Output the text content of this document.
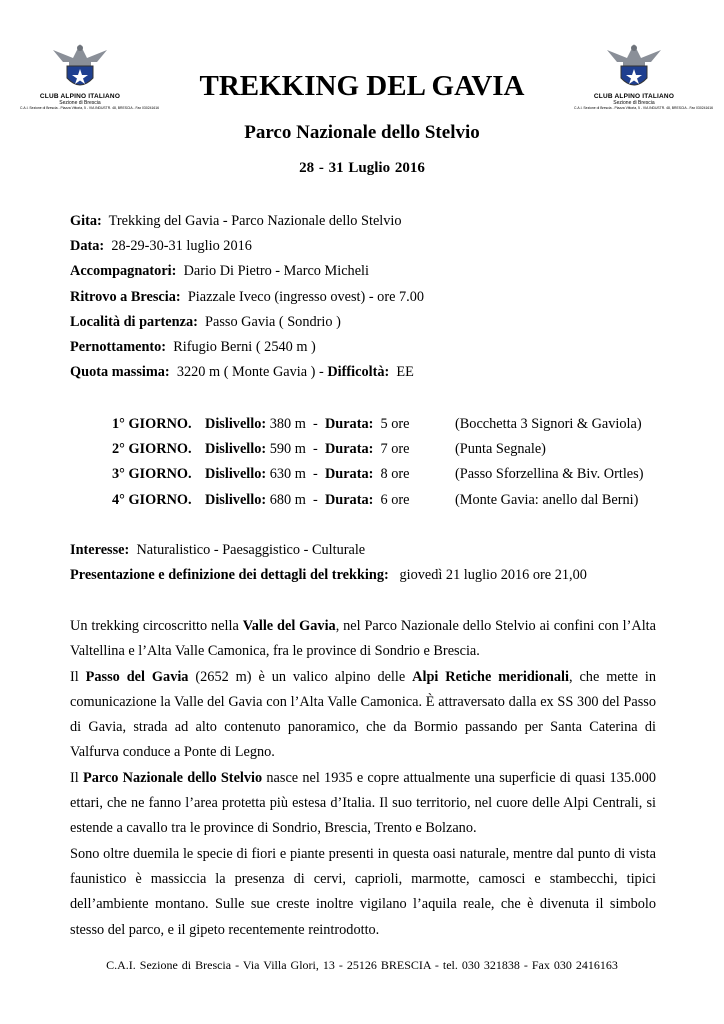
CLUB ALPINO ITALIANO
Sezione di Brescia
C.A.I. Sezione di Brescia - Piazza Vittoria, 5 - VIA INDUSTR. 48, BRESCIA - Fax 030241616
CLUB ALPINO ITALIANO
Sezione di Brescia
C.A.I. Sezione di Brescia - Piazza Vittoria, 5 - VIA INDUSTR. 48, BRESCIA - Fax 030241616
TREKKING DEL GAVIA
Parco Nazionale dello Stelvio
28 - 31 Luglio 2016
Gita: Trekking del Gavia - Parco Nazionale dello Stelvio
Data: 28-29-30-31 luglio 2016
Accompagnatori: Dario Di Pietro - Marco Micheli
Ritrovo a Brescia: Piazzale Iveco (ingresso ovest) - ore 7.00
Località di partenza: Passo Gavia ( Sondrio )
Pernottamento: Rifugio Berni ( 2540 m )
Quota massima: 3220 m ( Monte Gavia ) - Difficoltà: EE
1° GIORNO. Dislivello: 380 m  -  Durata: 5 ore	(Bocchetta 3 Signori & Gaviola)
2° GIORNO. Dislivello: 590 m  -  Durata: 7 ore	(Punta Segnale)
3° GIORNO. Dislivello: 630 m  -  Durata: 8 ore	(Passo Sforzellina & Biv. Ortles)
4° GIORNO. Dislivello: 680 m  -  Durata: 6 ore	(Monte Gavia: anello dal Berni)
Interesse: Naturalistico - Paesaggistico - Culturale
Presentazione e definizione dei dettagli del trekking: giovedì 21 luglio 2016 ore 21,00

Un trekking circoscritto nella Valle del Gavia, nel Parco Nazionale dello Stelvio ai confini con l’Alta Valtellina e l’Alta Valle Camonica, fra le province di Sondrio e Brescia.

Il Passo del Gavia (2652 m) è un valico alpino delle Alpi Retiche meridionali, che mette in comunicazione la Valle del Gavia con l’Alta Valle Camonica. È attraversato dalla ex SS 300 del Passo di Gavia, strada ad alto contenuto panoramico, che da Bormio passando per Santa Caterina di Valfurva conduce a Ponte di Legno.

Il Parco Nazionale dello Stelvio nasce nel 1935 e copre attualmente una superficie di quasi 135.000 ettari, che ne fanno l’area protetta più estesa d’Italia. Il suo territorio, nel cuore delle Alpi Centrali, si estende a cavallo tra le province di Sondrio, Brescia, Trento e Bolzano.

Sono oltre duemila le specie di fiori e piante presenti in questa oasi naturale, mentre dal punto di vista faunistico è massiccia la presenza di cervi, caprioli, marmotte, camosci e stambecchi, tipici dell’ambiente montano. Sulle sue creste inoltre vigilano l’aquila reale, che è divenuta il simbolo stesso del parco, e il gipeto recentemente reintrodotto.

C.A.I. Sezione di Brescia - Via Villa Glori, 13 - 25126 BRESCIA - tel. 030 321838 - Fax 030 2416163
